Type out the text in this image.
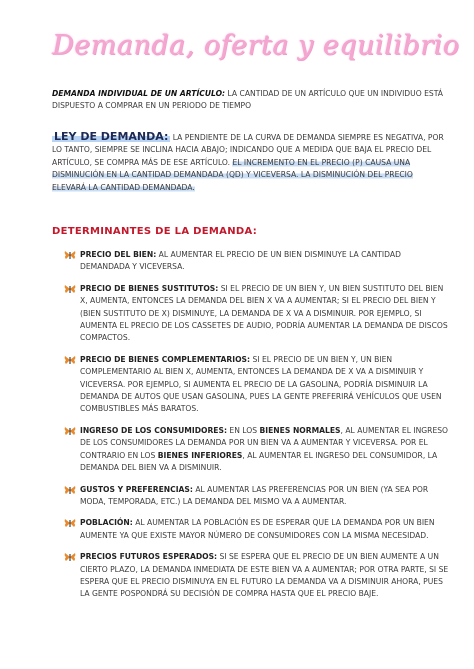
Demanda, oferta y equilibrio
DEMANDA INDIVIDUAL DE UN ARTÍCULO: LA CANTIDAD DE UN ARTÍCULO QUE UN INDIVIDUO ESTÁ DISPUESTO A COMPRAR EN UN PERIODO DE TIEMPO
LEY DE DEMANDA: LA PENDIENTE DE LA CURVA DE DEMANDA SIEMPRE ES NEGATIVA, POR LO TANTO, SIEMPRE SE INCLINA HACIA ABAJO; INDICANDO QUE A MEDIDA QUE BAJA EL PRECIO DEL ARTÍCULO, SE COMPRA MÁS DE ESE ARTÍCULO. EL INCREMENTO EN EL PRECIO (P) CAUSA UNA DISMINUCIÓN EN LA CANTIDAD DEMANDADA (QD) Y VICEVERSA. LA DISMINUCIÓN DEL PRECIO ELEVARÁ LA CANTIDAD DEMANDADA.
DETERMINANTES DE LA DEMANDA:
PRECIO DEL BIEN: AL AUMENTAR EL PRECIO DE UN BIEN DISMINUYE LA CANTIDAD DEMANDADA Y VICEVERSA.
PRECIO DE BIENES SUSTITUTOS: SI EL PRECIO DE UN BIEN Y, UN BIEN SUSTITUTO DEL BIEN X, AUMENTA, ENTONCES LA DEMANDA DEL BIEN X VA A AUMENTAR; SI EL PRECIO DEL BIEN Y (BIEN SUSTITUTO DE X) DISMINUYE, LA DEMANDA DE X VA A DISMINUIR. POR EJEMPLO, SI AUMENTA EL PRECIO DE LOS CASSETES DE AUDIO, PODRÍA AUMENTAR LA DEMANDA DE DISCOS COMPACTOS.
PRECIO DE BIENES COMPLEMENTARIOS: SI EL PRECIO DE UN BIEN Y, UN BIEN COMPLEMENTARIO AL BIEN X, AUMENTA, ENTONCES LA DEMANDA DE X VA A DISMINUIR Y VICEVERSA. POR EJEMPLO, SI AUMENTA EL PRECIO DE LA GASOLINA, PODRÍA DISMINUIR LA DEMANDA DE AUTOS QUE USAN GASOLINA, PUES LA GENTE PREFERIRÁ VEHÍCULOS QUE USEN COMBUSTIBLES MÁS BARATOS.
INGRESO DE LOS CONSUMIDORES: EN LOS BIENES NORMALES, AL AUMENTAR EL INGRESO DE LOS CONSUMIDORES LA DEMANDA POR UN BIEN VA A AUMENTAR Y VICEVERSA. POR EL CONTRARIO EN LOS BIENES INFERIORES, AL AUMENTAR EL INGRESO DEL CONSUMIDOR, LA DEMANDA DEL BIEN VA A DISMINUIR.
GUSTOS Y PREFERENCIAS: AL AUMENTAR LAS PREFERENCIAS POR UN BIEN (YA SEA POR MODA, TEMPORADA, ETC.) LA DEMANDA DEL MISMO VA A AUMENTAR.
POBLACIÓN: AL AUMENTAR LA POBLACIÓN ES DE ESPERAR QUE LA DEMANDA POR UN BIEN AUMENTE YA QUE EXISTE MAYOR NÚMERO DE CONSUMIDORES CON LA MISMA NECESIDAD.
PRECIOS FUTUROS ESPERADOS: SI SE ESPERA QUE EL PRECIO DE UN BIEN AUMENTE A UN CIERTO PLAZO, LA DEMANDA INMEDIATA DE ESTE BIEN VA A AUMENTAR; POR OTRA PARTE, SI SE ESPERA QUE EL PRECIO DISMINUYA EN EL FUTURO LA DEMANDA VA A DISMINUIR AHORA, PUES LA GENTE POSPONDRÁ SU DECISIÓN DE COMPRA HASTA QUE EL PRECIO BAJE.
